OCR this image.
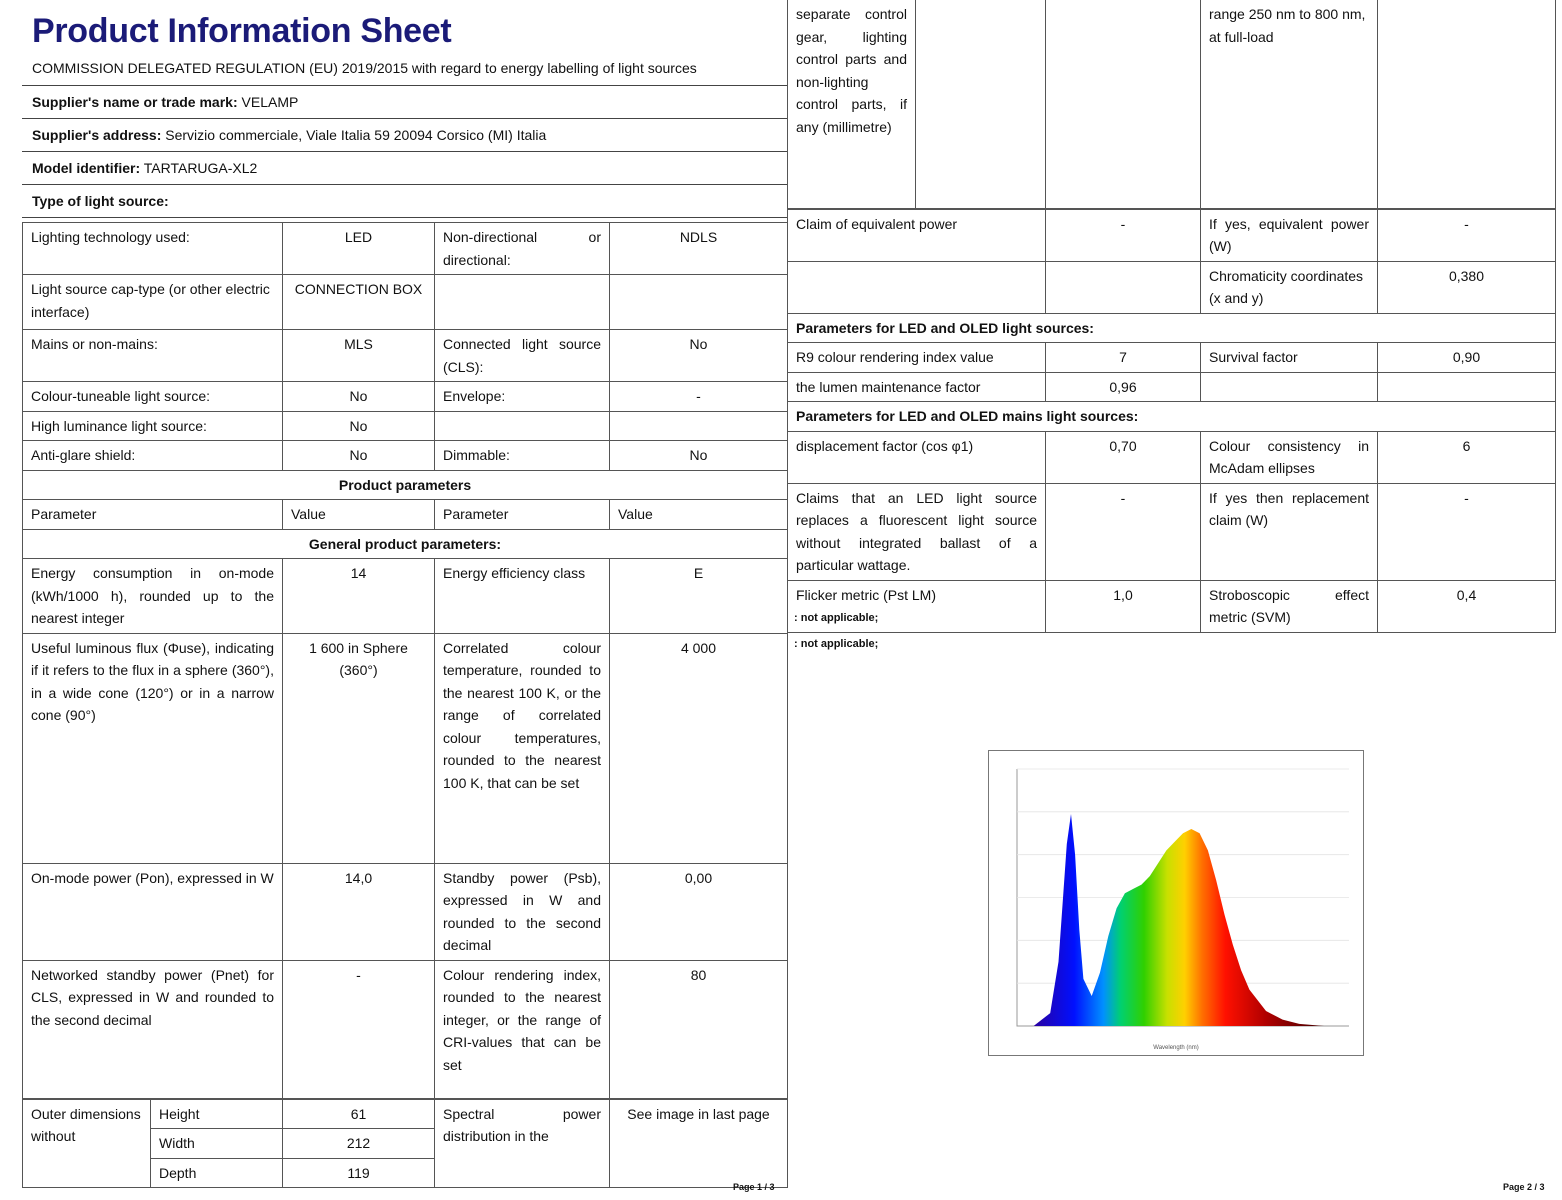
Product Information Sheet
COMMISSION DELEGATED REGULATION (EU) 2019/2015 with regard to energy labelling of light sources
Supplier's name or trade mark: VELAMP
Supplier's address: Servizio commerciale, Viale Italia 59 20094 Corsico (MI) Italia
Model identifier: TARTARUGA-XL2
Type of light source:
Lighting technology used:	LED	Non-directional or directional:	NDLS
Light source cap-type (or other electric interface)	CONNECTION BOX		
Mains or non-mains:	MLS	Connected light source (CLS):	No
Colour-tuneable light source:	No	Envelope:	-
High luminance light source:	No		
Anti-glare shield:	No	Dimmable:	No
Product parameters			
Parameter	Value	Parameter	Value
General product parameters:			
Energy consumption in on-mode (kWh/1000 h), rounded up to the nearest integer	14	Energy efficiency class	E
Useful luminous flux (Φuse), indicating if it refers to the flux in a sphere (360°), in a wide cone (120°) or in a narrow cone (90°)	1 600 in Sphere (360°)	Correlated colour temperature, rounded to the nearest 100 K, or the range of correlated colour temperatures, rounded to the nearest 100 K, that can be set	4 000
On-mode power (Pon), expressed in W	14,0	Standby power (Psb), expressed in W and rounded to the second decimal	0,00
Networked standby power (Pnet) for CLS, expressed in W and rounded to the second decimal	-	Colour rendering index, rounded to the nearest integer, or the range of CRI-values that can be set	80
Outer dimensions without	Height	61	Spectral power distribution in the	See image in last page
	Width	212		
	Depth	119		
Page 1 / 3
separate control gear, lighting control parts and non-lighting control parts, if any (millimetre)			range 250 nm to 800 nm, at full-load	
Claim of equivalent power	-	If yes, equivalent power (W)	-
		Chromaticity coordinates (x and y)	0,380
Parameters for LED and OLED light sources:			
R9 colour rendering index value	7	Survival factor	0,90
the lumen maintenance factor	0,96		
Parameters for LED and OLED mains light sources:			
displacement factor (cos φ1)	0,70	Colour consistency in McAdam ellipses	6
Claims that an LED light source replaces a fluorescent light source without integrated ballast of a particular wattage.	-	If yes then replacement claim (W)	-
Flicker metric (Pst LM)	1,0	Stroboscopic effect metric (SVM)	0,4
: not applicable;
: not applicable;
Wavelength (nm)
Page 2 / 3
